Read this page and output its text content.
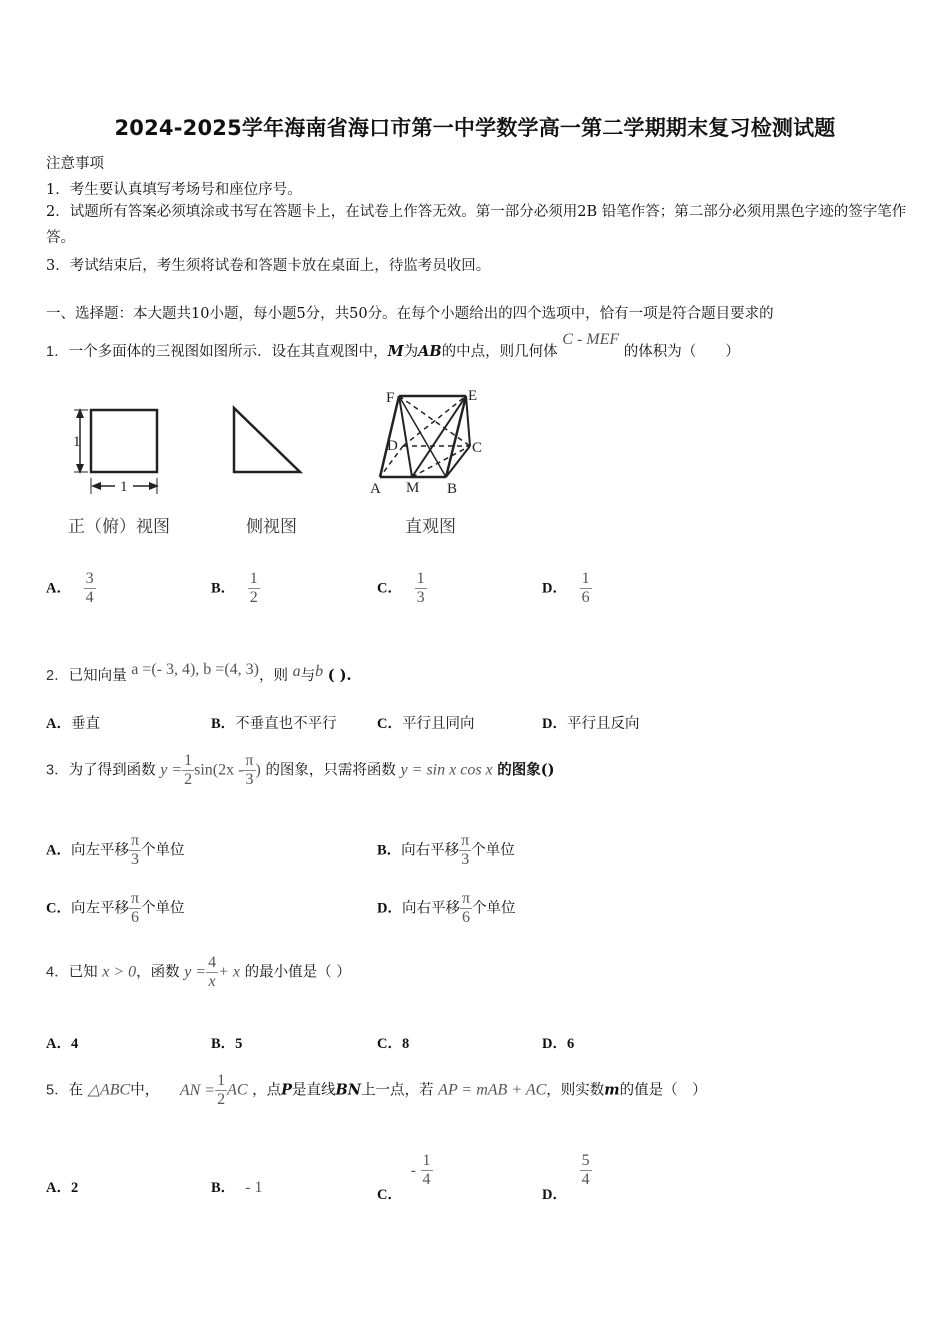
2024-2025学年海南省海口市第一中学数学高一第二学期期末复习检测试题
注意事项
1．考生要认真填写考场号和座位序号。
2．试题所有答案必须填涂或书写在答题卡上，在试卷上作答无效。第一部分必须用2B 铅笔作答；第二部分必须用黑色字迹的签字笔作答。
3．考试结束后，考生须将试卷和答题卡放在桌面上，待监考员收回。
一、选择题：本大题共10小题，每小题5分，共50分。在每个小题给出的四个选项中，恰有一项是符合题目要求的
1．一个多面体的三视图如图所示．设在其直观图中，M为AB的中点，则几何体 C - MEF 的体积为（　　）
1
1
F	E
D	C
A M B
正（俯）视图	侧视图	直观图
A． $\frac{3}{4}$	B． $\frac{1}{2}$	C． $\frac{1}{3}$	D． $\frac{1}{6}$
2．已知向量 a =(- 3, 4), b =(4, 3)，则 a与b ( ).
A．垂直	B．不垂直也不平行	C．平行且同向	D．平行且反向
3．为了得到函数 $y = \frac{1}{2} \sin(2x - \frac{\pi}{3}$ ) 的图象，只需将函数 y = sin x cos x 的图象()
A．向左平移 $\frac{\pi}{3}$ 个单位	B．向右平移 $\frac{\pi}{3}$ 个单位
C．向左平移 $\frac{\pi}{6}$ 个单位	D．向右平移 $\frac{\pi}{6}$ 个单位
4．已知 x > 0，函数 $y = \frac{4}{x} + x$ 的最小值是（ ）
A．4	B．5	C．8	D．6
5．在 △ABC中， AN = $\frac{1}{2}$ AC ，点P是直线BN上一点，若 AP = mAB + AC，则实数m的值是（　）
A．2	B． - 1	C． - $\frac{1}{4}$
D．
$\frac{5}{4}$
